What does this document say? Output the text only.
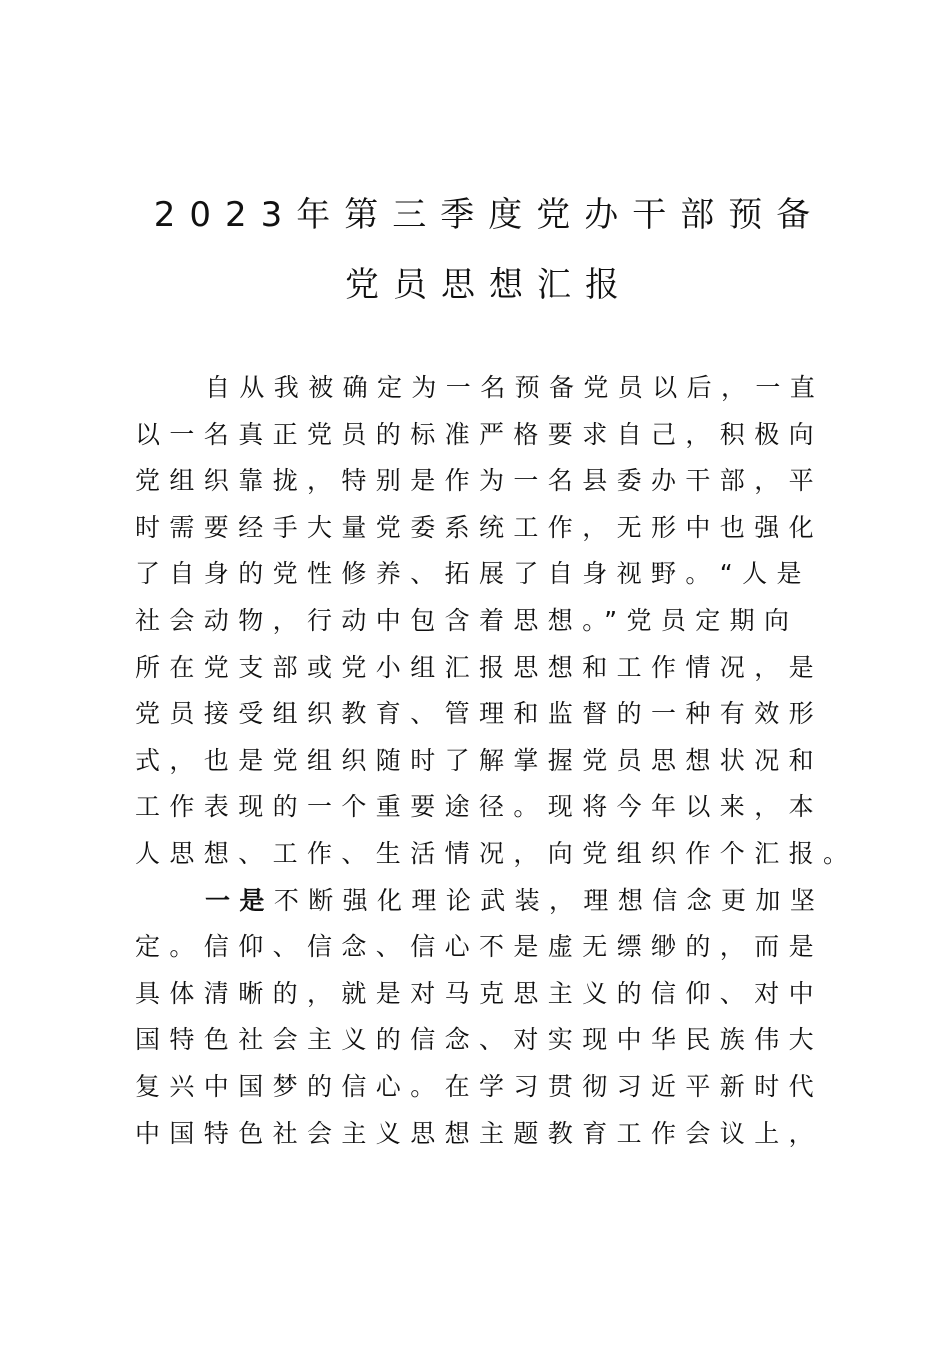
2023年第三季度党办干部预备
党员思想汇报
自从我被确定为一名预备党员以后，一直
以一名真正党员的标准严格要求自己，积极向
党组织靠拢，特别是作为一名县委办干部，平
时需要经手大量党委系统工作，无形中也强化
了自身的党性修养、拓展了自身视野。“人是
社会动物，行动中包含着思想。”党员定期向
所在党支部或党小组汇报思想和工作情况，是
党员接受组织教育、管理和监督的一种有效形
式，也是党组织随时了解掌握党员思想状况和
工作表现的一个重要途径。现将今年以来，本
人思想、工作、生活情况，向党组织作个汇报。
一是不断强化理论武装，理想信念更加坚
定。信仰、信念、信心不是虚无缥缈的，而是
具体清晰的，就是对马克思主义的信仰、对中
国特色社会主义的信念、对实现中华民族伟大
复兴中国梦的信心。在学习贯彻习近平新时代
中国特色社会主义思想主题教育工作会议上，
